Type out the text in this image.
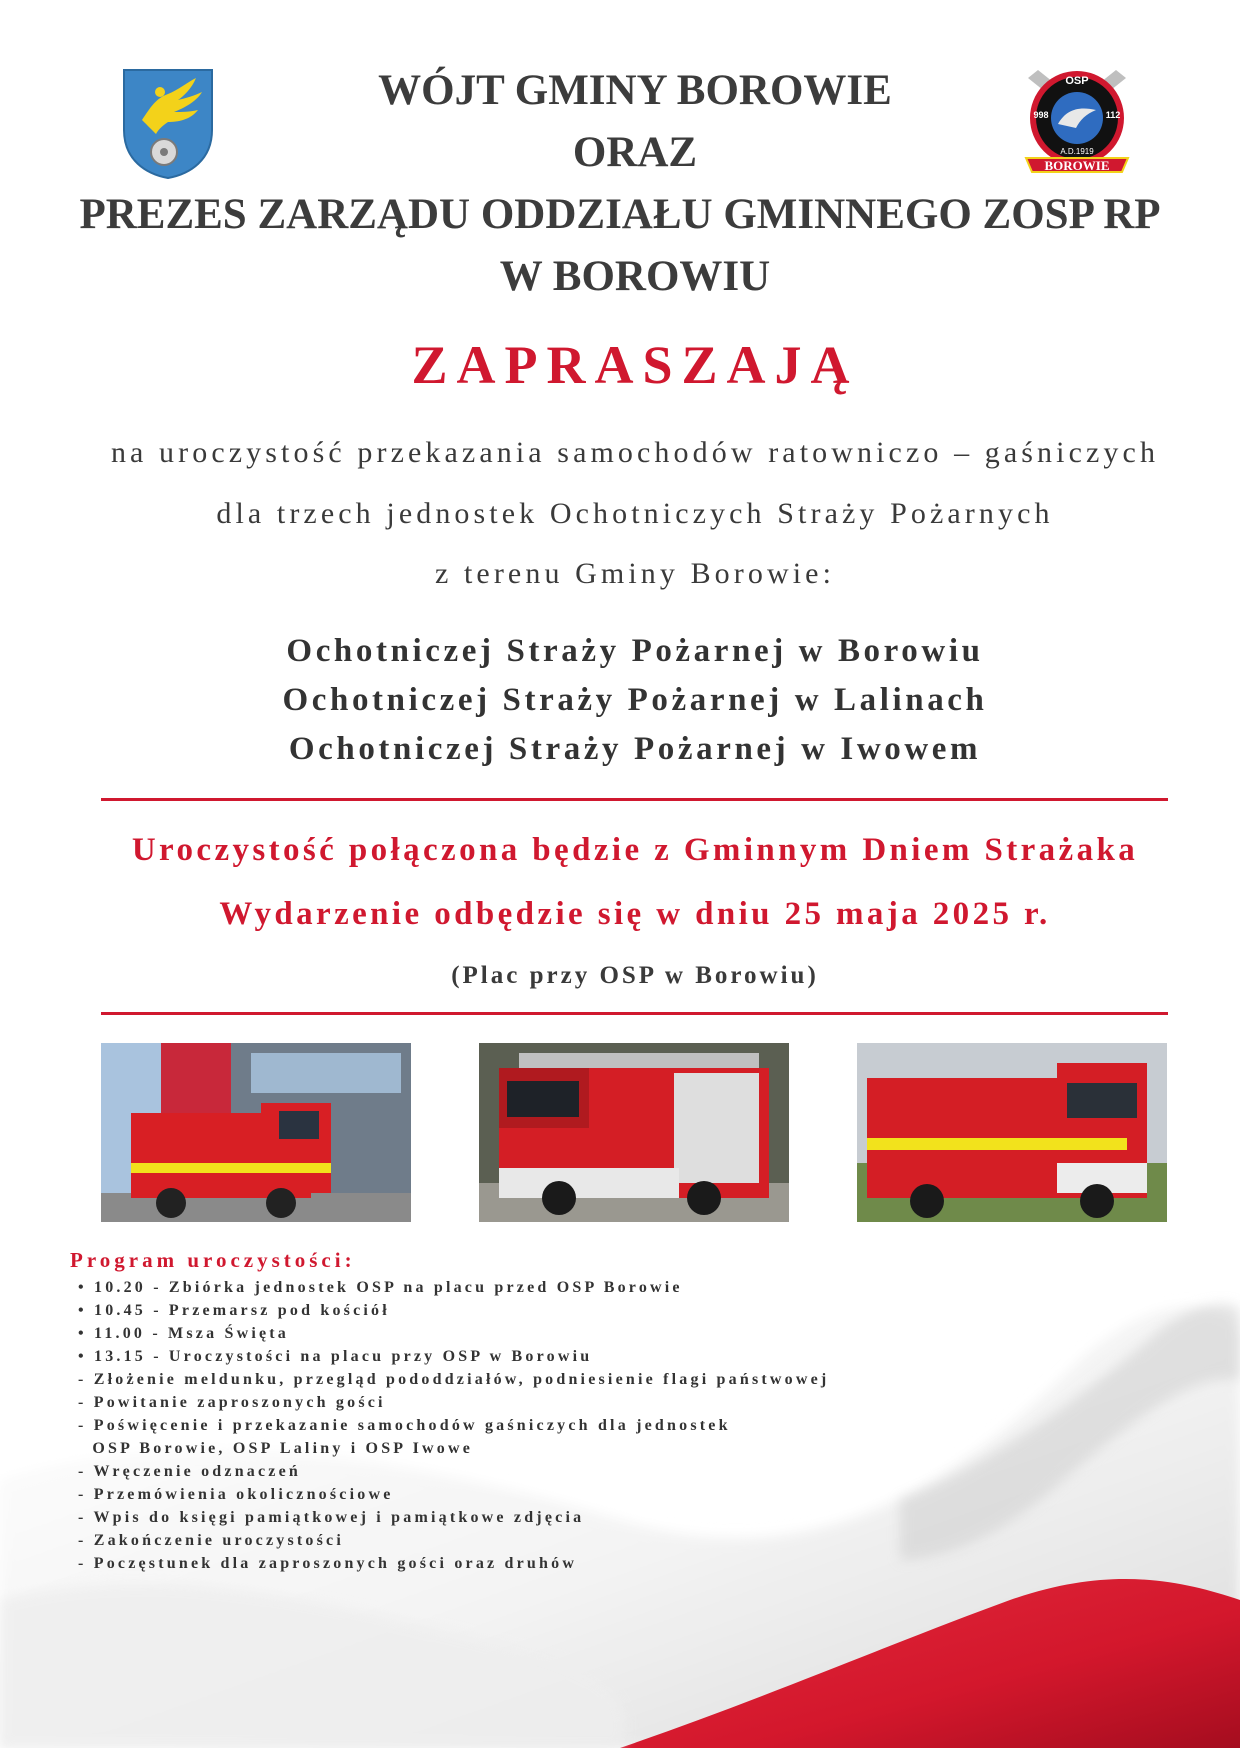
OSP
998	112
A.D.1919
BOROWIE
WÓJT GMINY BOROWIE
ORAZ
PREZES ZARZĄDU ODDZIAŁU GMINNEGO ZOSP RP
W BOROWIU
ZAPRASZAJĄ
na uroczystość przekazania samochodów ratowniczo – gaśniczych
dla trzech jednostek Ochotniczych Straży Pożarnych
z terenu Gminy Borowie:
Ochotniczej Straży Pożarnej w Borowiu
Ochotniczej Straży Pożarnej w Lalinach
Ochotniczej Straży Pożarnej w Iwowem
Uroczystość połączona będzie z Gminnym Dniem Strażaka
Wydarzenie odbędzie się w dniu 25 maja 2025 r.
(Plac przy OSP w Borowiu)
Program uroczystości:
• 10.20 - Zbiórka jednostek OSP na placu przed OSP Borowie
• 10.45 - Przemarsz pod kościół
• 11.00 - Msza Święta
• 13.15 - Uroczystości na placu przy OSP w Borowiu
- Złożenie meldunku, przegląd pododdziałów, podniesienie flagi państwowej
- Powitanie zaproszonych gości
- Poświęcenie i przekazanie samochodów gaśniczych dla jednostek
OSP Borowie, OSP Laliny i OSP Iwowe
- Wręczenie odznaczeń
- Przemówienia okolicznościowe
- Wpis do księgi pamiątkowej i pamiątkowe zdjęcia
- Zakończenie uroczystości
- Poczęstunek dla zaproszonych gości oraz druhów
